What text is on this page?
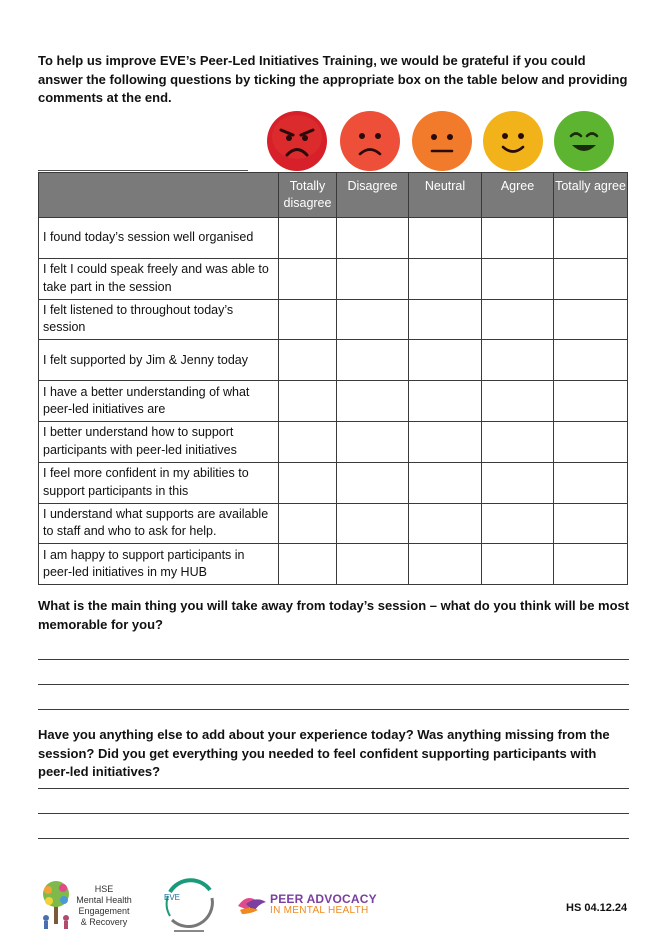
To help us improve EVE’s Peer-Led Initiatives Training, we would be grateful if you could answer the following questions by ticking the appropriate box on the table below and providing comments at the end.
	Totally disagree	Disagree	Neutral	Agree	Totally agree
I found today’s session well organised					
I felt I could speak freely and was able to take part in the session					
I felt listened to throughout today’s session					
I felt supported by Jim & Jenny today					
I have a better understanding of what peer-led initiatives are					
I better understand how to support participants with peer-led initiatives					
I feel more confident in my abilities to support participants in this					
I understand what supports are available to staff and who to ask for help.					
I am happy to support participants in peer-led initiatives in my HUB					
What is the main thing you will take away from today’s session – what do you think will be most memorable for you?
Have you anything else to add about your experience today? Was anything missing from the session? Did you get everything you needed to feel confident supporting participants with peer-led initiatives?
HSE
Mental Health
Engagement
& Recovery
EVE	PEER ADVOCACY
IN MENTAL HEALTH	HS 04.12.24
